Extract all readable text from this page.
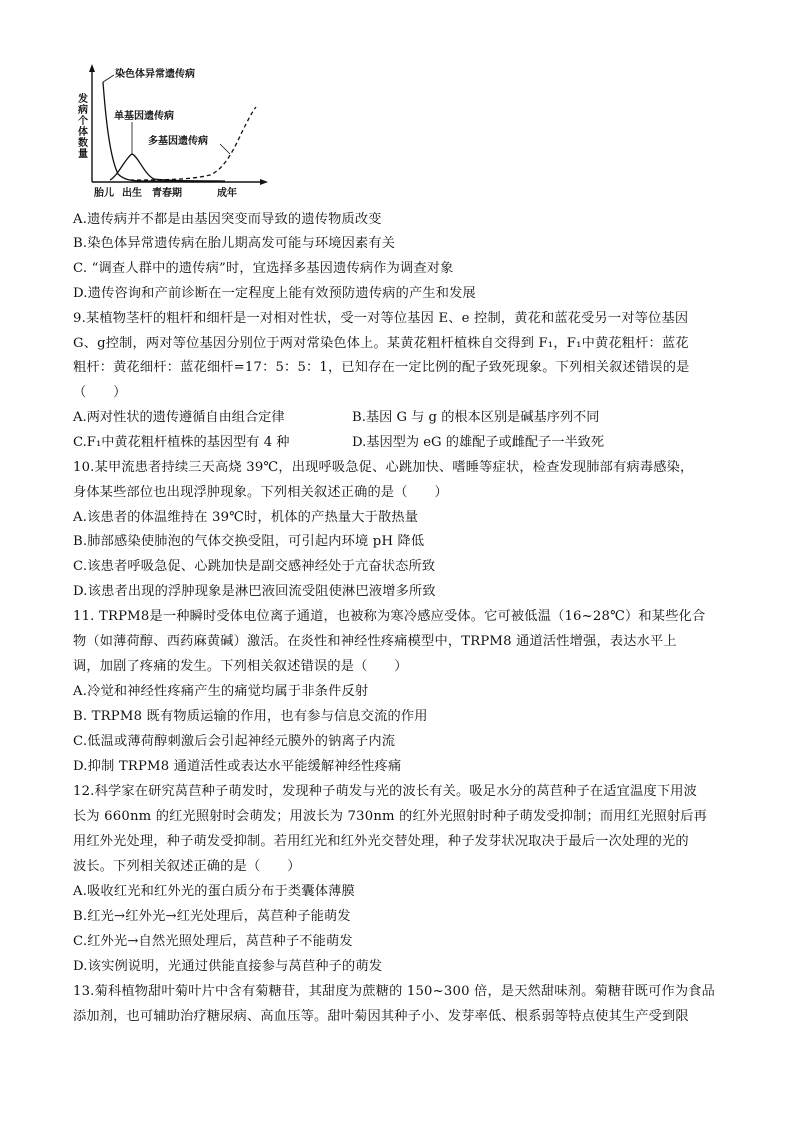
发病个体数量
染色体异常遗传病
单基因遗传病
多基因遗传病
胎儿 出生 青春期	成年
A.遗传病并不都是由基因突变而导致的遗传物质改变
B.染色体异常遗传病在胎儿期高发可能与环境因素有关
C. “调查人群中的遗传病”时，宜选择多基因遗传病作为调查对象
D.遗传咨询和产前诊断在一定程度上能有效预防遗传病的产生和发展
9.某植物茎杆的粗杆和细杆是一对相对性状，受一对等位基因 E、e 控制，黄花和蓝花受另一对等位基因
G、g控制，两对等位基因分别位于两对常染色体上。某黄花粗杆植株自交得到 F₁，F₁中黄花粗杆：蓝花
粗杆：黄花细杆：蓝花细杆=17：5：5：1，已知存在一定比例的配子致死现象。下列相关叙述错误的是
（　　）
A.两对性状的遗传遵循自由组合定律	B.基因 G 与 g 的根本区别是碱基序列不同
C.F₁中黄花粗杆植株的基因型有 4 种	D.基因型为 eG 的雄配子或雌配子一半致死
10.某甲流患者持续三天高烧 39℃，出现呼吸急促、心跳加快、嗜睡等症状，检查发现肺部有病毒感染，
身体某些部位也出现浮肿现象。下列相关叙述正确的是（　　）
A.该患者的体温维持在 39℃时，机体的产热量大于散热量
B.肺部感染使肺泡的气体交换受阻，可引起内环境 pH 降低
C.该患者呼吸急促、心跳加快是副交感神经处于亢奋状态所致
D.该患者出现的浮肿现象是淋巴液回流受阻使淋巴液增多所致
11. TRPM8是一种瞬时受体电位离子通道，也被称为寒冷感应受体。它可被低温（16~28℃）和某些化合
物（如薄荷醇、西药麻黄碱）激活。在炎性和神经性疼痛模型中，TRPM8 通道活性增强，表达水平上
调，加剧了疼痛的发生。下列相关叙述错误的是（　　）
A.冷觉和神经性疼痛产生的痛觉均属于非条件反射
B. TRPM8 既有物质运输的作用，也有参与信息交流的作用
C.低温或薄荷醇刺激后会引起神经元膜外的钠离子内流
D.抑制 TRPM8 通道活性或表达水平能缓解神经性疼痛
12.科学家在研究莴苣种子萌发时，发现种子萌发与光的波长有关。吸足水分的莴苣种子在适宜温度下用波
长为 660nm 的红光照射时会萌发；用波长为 730nm 的红外光照射时种子萌发受抑制；而用红光照射后再
用红外光处理，种子萌发受抑制。若用红光和红外光交替处理，种子发芽状况取决于最后一次处理的光的
波长。下列相关叙述正确的是（　　）
A.吸收红光和红外光的蛋白质分布于类囊体薄膜
B.红光→红外光→红光处理后，莴苣种子能萌发
C.红外光→自然光照处理后，莴苣种子不能萌发
D.该实例说明，光通过供能直接参与莴苣种子的萌发
13.菊科植物甜叶菊叶片中含有菊糖苷，其甜度为蔗糖的 150~300 倍，是天然甜味剂。菊糖苷既可作为食品
添加剂，也可辅助治疗糖尿病、高血压等。甜叶菊因其种子小、发芽率低、根系弱等特点使其生产受到限
